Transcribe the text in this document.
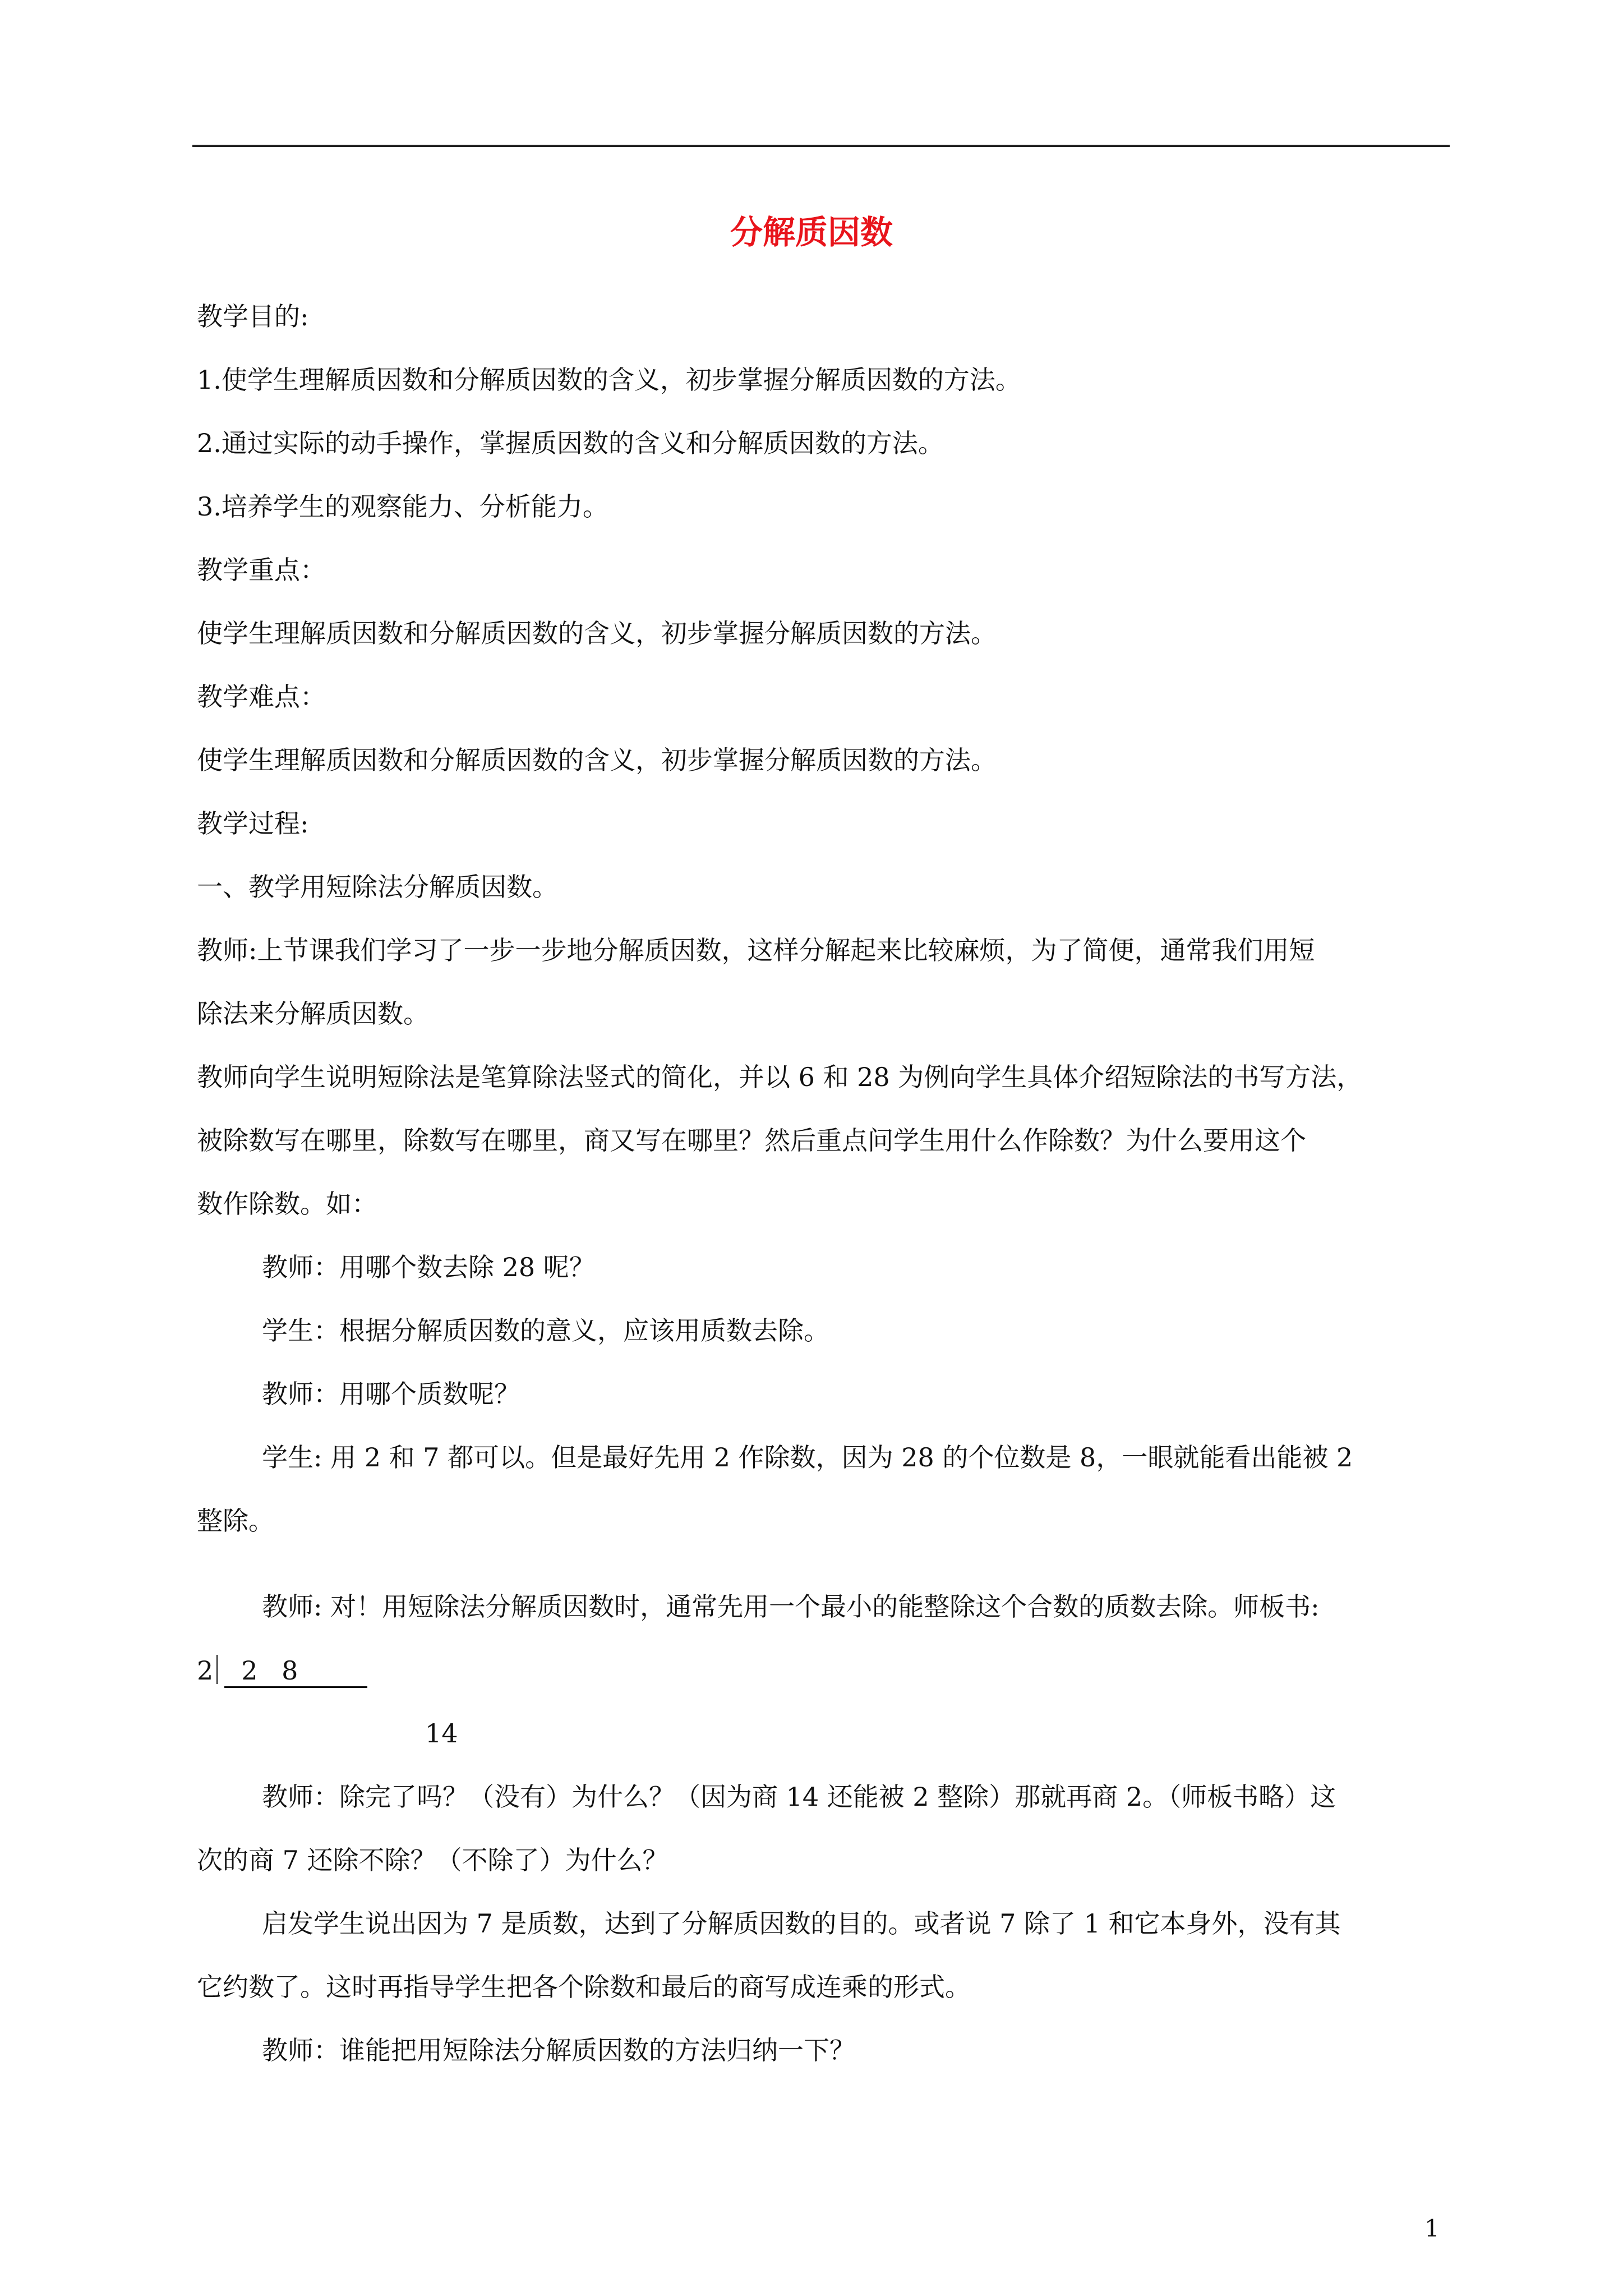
分解质因数
教学目的:
1.使学生理解质因数和分解质因数的含义，初步掌握分解质因数的方法。
2.通过实际的动手操作，掌握质因数的含义和分解质因数的方法。
3.培养学生的观察能力、分析能力。
教学重点：
使学生理解质因数和分解质因数的含义，初步掌握分解质因数的方法。
教学难点：
使学生理解质因数和分解质因数的含义，初步掌握分解质因数的方法。
教学过程:
一、教学用短除法分解质因数。
教师:上节课我们学习了一步一步地分解质因数，这样分解起来比较麻烦，为了简便，通常我们用短
除法来分解质因数。
教师向学生说明短除法是笔算除法竖式的简化，并以 6 和 28 为例向学生具体介绍短除法的书写方法，
被除数写在哪里，除数写在哪里，商又写在哪里？然后重点问学生用什么作除数？为什么要用这个
数作除数。如：
教师：用哪个数去除 28 呢？
学生：根据分解质因数的意义，应该用质数去除。
教师：用哪个质数呢？
学生: 用 2 和 7 都可以。但是最好先用 2 作除数，因为 28 的个位数是 8，一眼就能看出能被 2
整除。
教师: 对！用短除法分解质因数时，通常先用一个最小的能整除这个合数的质数去除。师板书:
2 2 8
14
教师：除完了吗？（没有）为什么？（因为商 14 还能被 2 整除）那就再商 2。（师板书略）这
次的商 7 还除不除？（不除了）为什么？
启发学生说出因为 7 是质数，达到了分解质因数的目的。或者说 7 除了 1 和它本身外，没有其
它约数了。这时再指导学生把各个除数和最后的商写成连乘的形式。
教师：谁能把用短除法分解质因数的方法归纳一下？
1
